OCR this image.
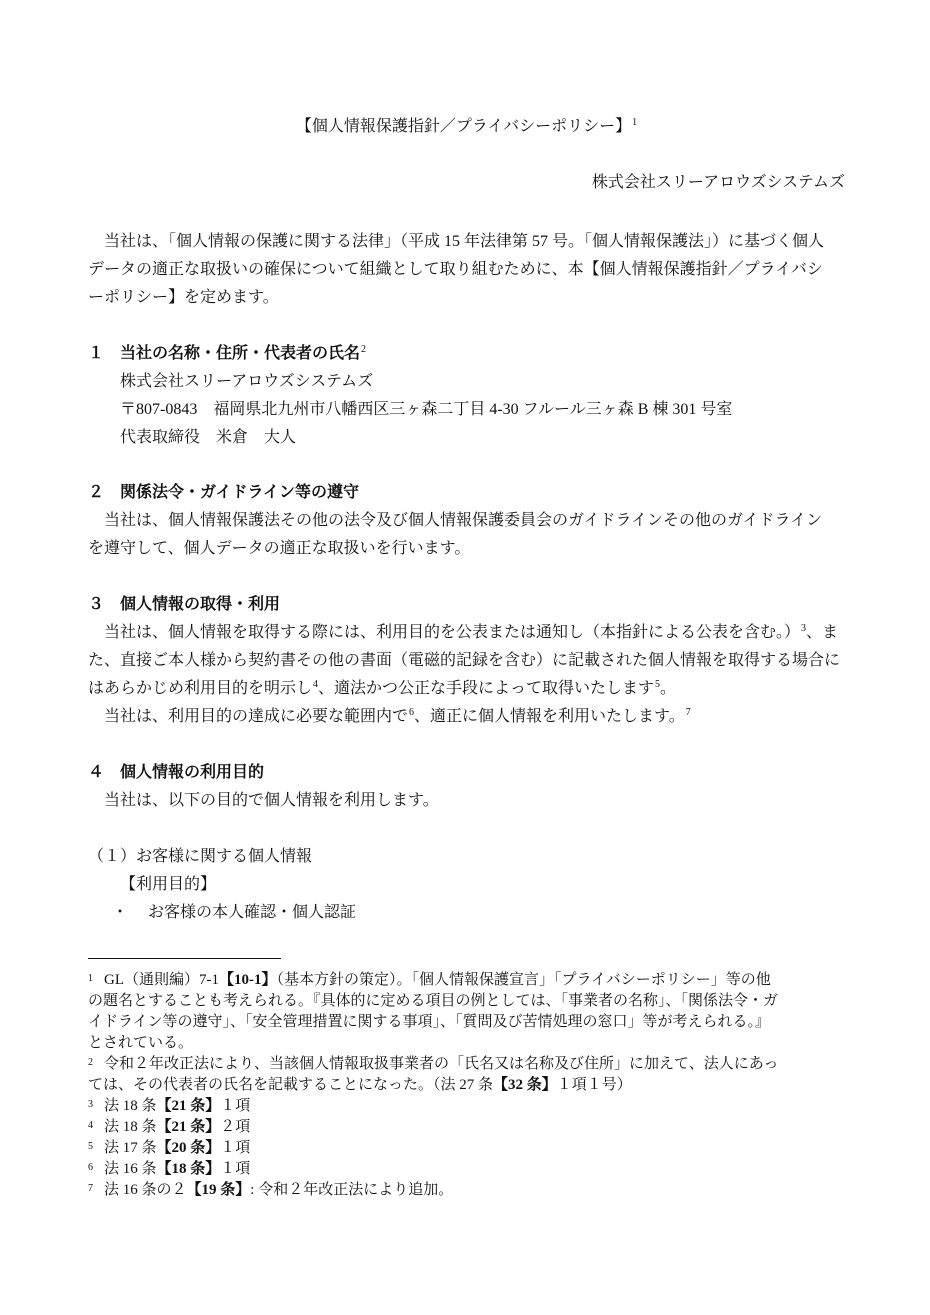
【個人情報保護指針／プライバシーポリシー】$^1$
株式会社スリーアロウズシステムズ
当社は、「個人情報の保護に関する法律」（平成 15 年法律第 57 号。「個人情報保護法」）に基づく個人
データの適正な取扱いの確保について組織として取り組むために、本【個人情報保護指針／プライバシ
ーポリシー】を定めます。
１　当社の名称・住所・代表者の氏名$^2$
株式会社スリーアロウズシステムズ
〒807-0843　福岡県北九州市八幡西区三ヶ森二丁目 4-30 フルール三ヶ森 B 棟 301 号室
代表取締役　米倉　大人
２　関係法令・ガイドライン等の遵守
当社は、個人情報保護法その他の法令及び個人情報保護委員会のガイドラインその他のガイドライン
を遵守して、個人データの適正な取扱いを行います。
３　個人情報の取得・利用
当社は、個人情報を取得する際には、利用目的を公表または通知し（本指針による公表を含む。）$^3$、ま
た、直接ご本人様から契約書その他の書面（電磁的記録を含む）に記載された個人情報を取得する場合に
はあらかじめ利用目的を明示し$^4$、適法かつ公正な手段によって取得いたします$^5$。
当社は、利用目的の達成に必要な範囲内で$^6$、適正に個人情報を利用いたします。$^7$
４　個人情報の利用目的
当社は、以下の目的で個人情報を利用します。
（１）お客様に関する個人情報
【利用目的】
・ お客様の本人確認・個人認証
1 GL（通則編）7-1【10-1】（基本方針の策定）。「個人情報保護宣言」「プライバシーポリシー」等の他
の題名とすることも考えられる。『具体的に定める項目の例としては、「事業者の名称」、「関係法令・ガ
イドライン等の遵守」、「安全管理措置に関する事項」、「質問及び苦情処理の窓口」等が考えられる。』
とされている。
2 令和２年改正法により、当該個人情報取扱事業者の「氏名又は名称及び住所」に加えて、法人にあっ
ては、その代表者の氏名を記載することになった。（法 27 条【32 条】１項１号）
3 法 18 条【21 条】１項
4 法 18 条【21 条】２項
5 法 17 条【20 条】１項
6 法 16 条【18 条】１項
7 法 16 条の２【19 条】: 令和２年改正法により追加。
